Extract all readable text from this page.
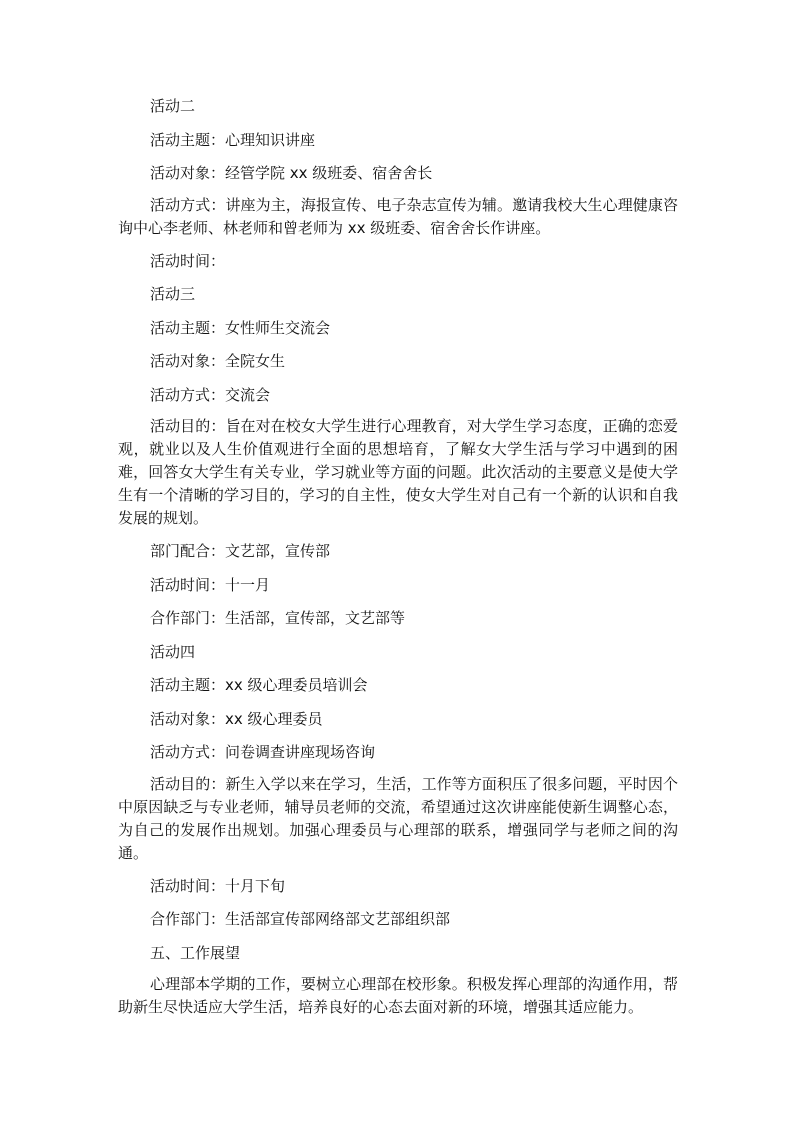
活动二

活动主题：心理知识讲座

活动对象：经管学院 xx 级班委、宿舍舍长

活动方式：讲座为主，海报宣传、电子杂志宣传为辅。邀请我校大生心理健康咨询中心李老师、林老师和曾老师为 xx 级班委、宿舍舍长作讲座。

活动时间：

活动三

活动主题：女性师生交流会

活动对象：全院女生

活动方式：交流会

活动目的：旨在对在校女大学生进行心理教育，对大学生学习态度，正确的恋爱观，就业以及人生价值观进行全面的思想培育，了解女大学生活与学习中遇到的困难，回答女大学生有关专业，学习就业等方面的问题。此次活动的主要意义是使大学生有一个清晰的学习目的，学习的自主性，使女大学生对自己有一个新的认识和自我发展的规划。

部门配合：文艺部，宣传部

活动时间：十一月

合作部门：生活部，宣传部，文艺部等

活动四

活动主题：xx 级心理委员培训会

活动对象：xx 级心理委员

活动方式：问卷调查讲座现场咨询

活动目的：新生入学以来在学习，生活，工作等方面积压了很多问题，平时因个中原因缺乏与专业老师，辅导员老师的交流，希望通过这次讲座能使新生调整心态，为自己的发展作出规划。加强心理委员与心理部的联系，增强同学与老师之间的沟通。

活动时间：十月下旬

合作部门：生活部宣传部网络部文艺部组织部

五、工作展望

心理部本学期的工作，要树立心理部在校形象。积极发挥心理部的沟通作用，帮助新生尽快适应大学生活，培养良好的心态去面对新的环境，增强其适应能力。
